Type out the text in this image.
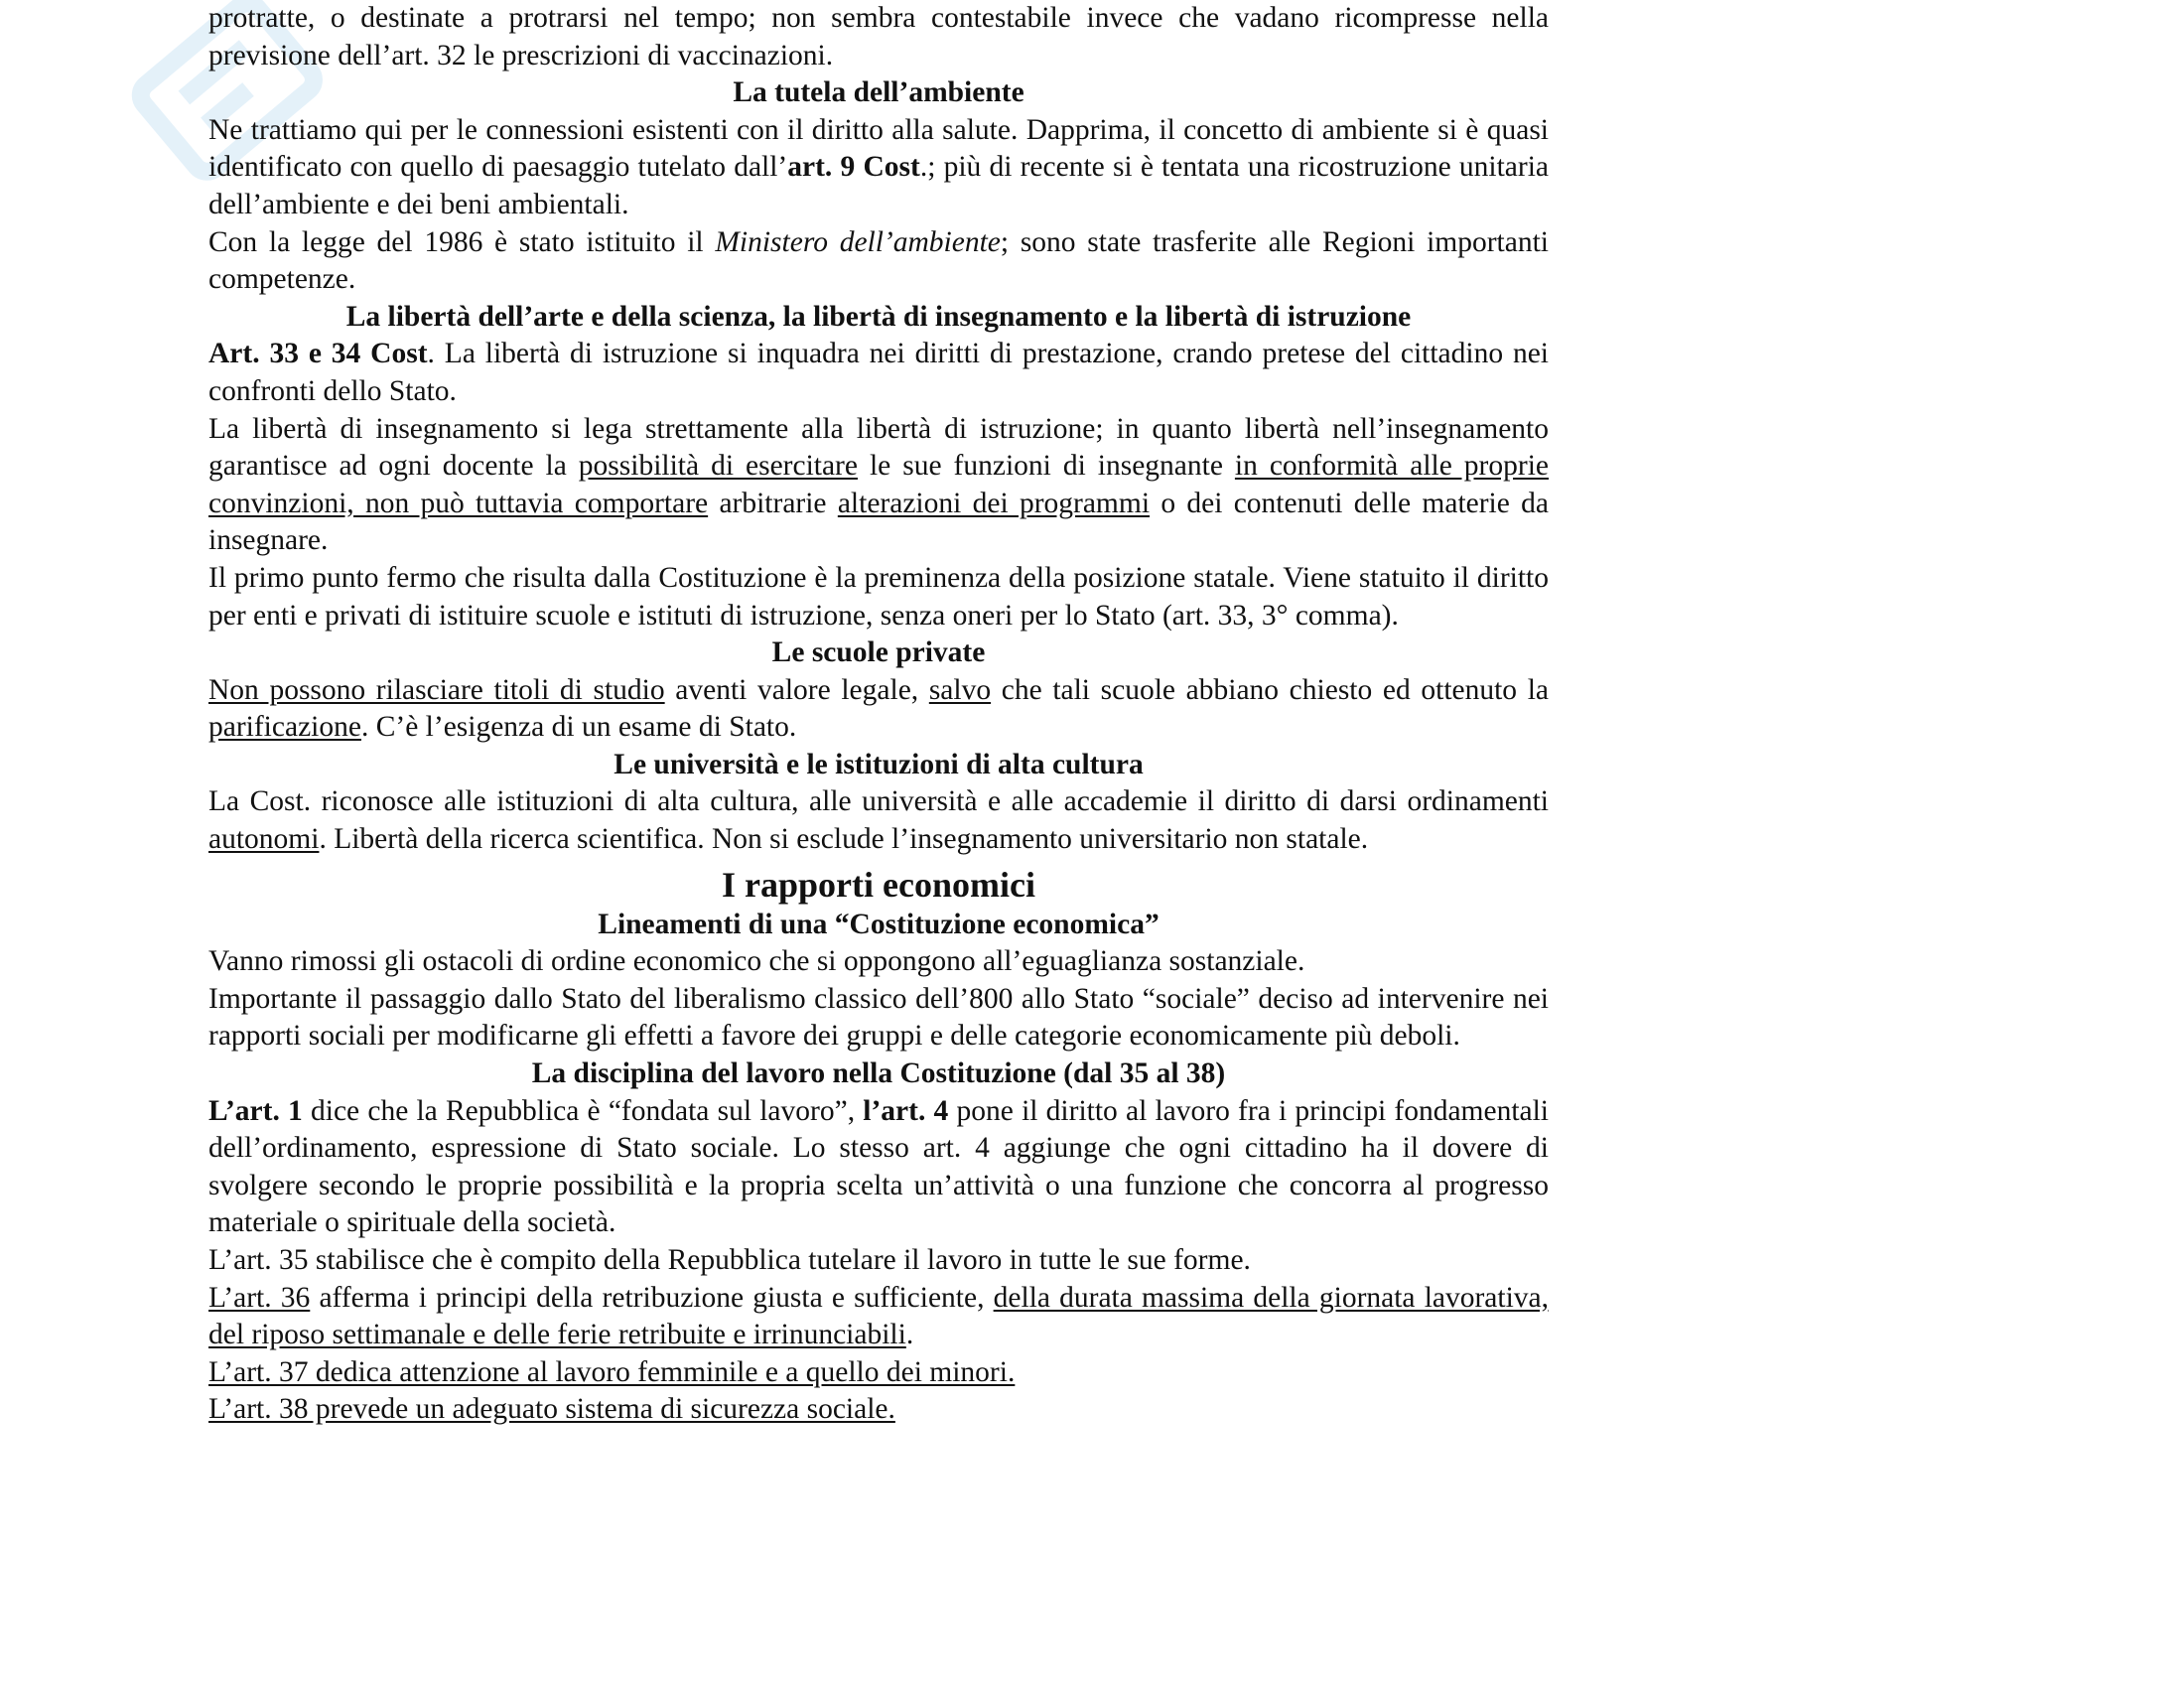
protratte, o destinate a protrarsi nel tempo; non sembra contestabile invece che vadano ricompresse nella previsione dell’art. 32 le prescrizioni di vaccinazioni.

La tutela dell’ambiente

Ne trattiamo qui per le connessioni esistenti con il diritto alla salute. Dapprima, il concetto di ambiente si è quasi identificato con quello di paesaggio tutelato dall’art. 9 Cost.; più di recente si è tentata una ricostruzione unitaria dell’ambiente e dei beni ambientali.

Con la legge del 1986 è stato istituito il Ministero dell’ambiente; sono state trasferite alle Regioni importanti competenze.

La libertà dell’arte e della scienza, la libertà di insegnamento e la libertà di istruzione

Art. 33 e 34 Cost. La libertà di istruzione si inquadra nei diritti di prestazione, crando pretese del cittadino nei confronti dello Stato.

La libertà di insegnamento si lega strettamente alla libertà di istruzione; in quanto libertà nell’insegnamento garantisce ad ogni docente la possibilità di esercitare le sue funzioni di insegnante in conformità alle proprie convinzioni, non può tuttavia comportare arbitrarie alterazioni dei programmi o dei contenuti delle materie da insegnare.

Il primo punto fermo che risulta dalla Costituzione è la preminenza della posizione statale. Viene statuito il diritto per enti e privati di istituire scuole e istituti di istruzione, senza oneri per lo Stato (art. 33, 3° comma).

Le scuole private

Non possono rilasciare titoli di studio aventi valore legale, salvo che tali scuole abbiano chiesto ed ottenuto la parificazione. C’è l’esigenza di un esame di Stato.

Le università e le istituzioni di alta cultura

La Cost. riconosce alle istituzioni di alta cultura, alle università e alle accademie il diritto di darsi ordinamenti autonomi. Libertà della ricerca scientifica. Non si esclude l’insegnamento universitario non statale.

I rapporti economici
Lineamenti di una “Costituzione economica”

Vanno rimossi gli ostacoli di ordine economico che si oppongono all’eguaglianza sostanziale.

Importante il passaggio dallo Stato del liberalismo classico dell’800 allo Stato “sociale” deciso ad intervenire nei rapporti sociali per modificarne gli effetti a favore dei gruppi e delle categorie economicamente più deboli.

La disciplina del lavoro nella Costituzione (dal 35 al 38)

L’art. 1 dice che la Repubblica è “fondata sul lavoro”, l’art. 4 pone il diritto al lavoro fra i principi fondamentali dell’ordinamento, espressione di Stato sociale. Lo stesso art. 4 aggiunge che ogni cittadino ha il dovere di svolgere secondo le proprie possibilità e la propria scelta un’attività o una funzione che concorra al progresso materiale o spirituale della società.

L’art. 35 stabilisce che è compito della Repubblica tutelare il lavoro in tutte le sue forme.

L’art. 36 afferma i principi della retribuzione giusta e sufficiente, della durata massima della giornata lavorativa, del riposo settimanale e delle ferie retribuite e irrinunciabili.

L’art. 37 dedica attenzione al lavoro femminile e a quello dei minori.

L’art. 38 prevede un adeguato sistema di sicurezza sociale.
